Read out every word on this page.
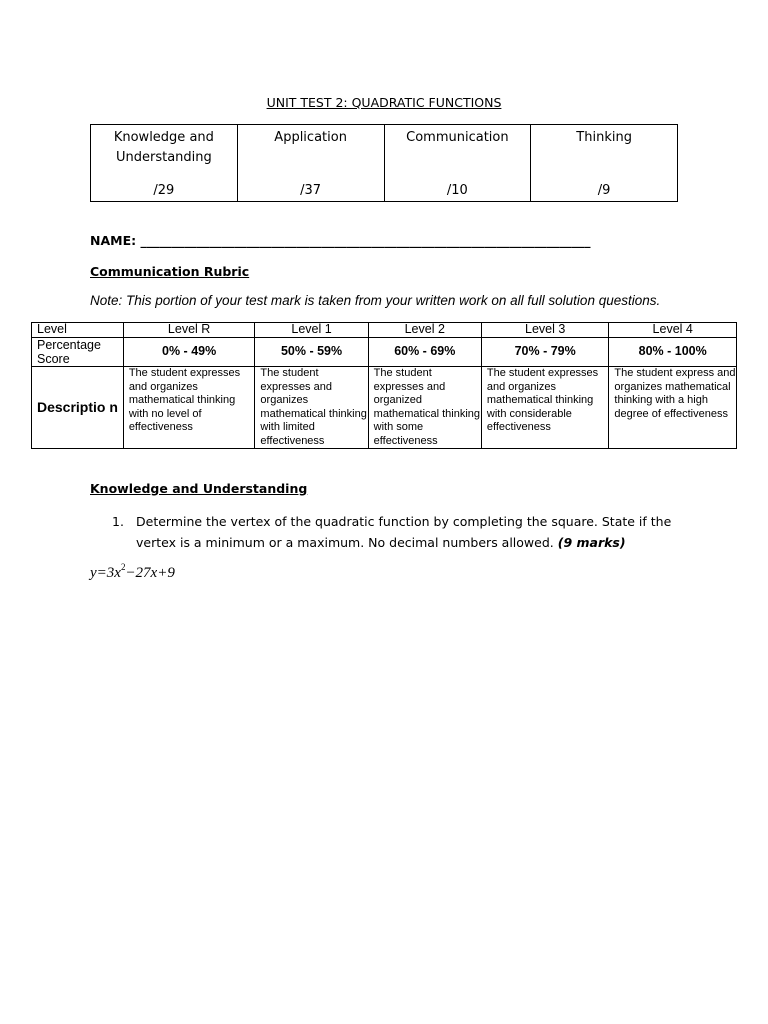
UNIT TEST 2: QUADRATIC FUNCTIONS
Knowledge and Understanding
/29

Application
/37

Communication
/10

Thinking
/9
NAME: ________________________________________________________________________
Communication Rubric
Note: This portion of your test mark is taken from your written work on all full solution questions.
Level	Level R	Level 1	Level 2	Level 3	Level 4
Percentage Score	0% - 49%	50% - 59%	60% - 69%	70% - 79%	80% - 100%
Descriptio n	The student expresses and organizes mathematical thinking with no level of effectiveness	The student expresses and organizes mathematical thinking with limited effectiveness	The student expresses and organized mathematical thinking with some effectiveness	The student expresses and organizes mathematical thinking with considerable effectiveness	The student express and organizes mathematical thinking with a high degree of effectiveness
Knowledge and Understanding
1. Determine the vertex of the quadratic function by completing the square. State if the vertex is a minimum or a maximum. No decimal numbers allowed. (9 marks)
$y=3x^2-27x+9$
